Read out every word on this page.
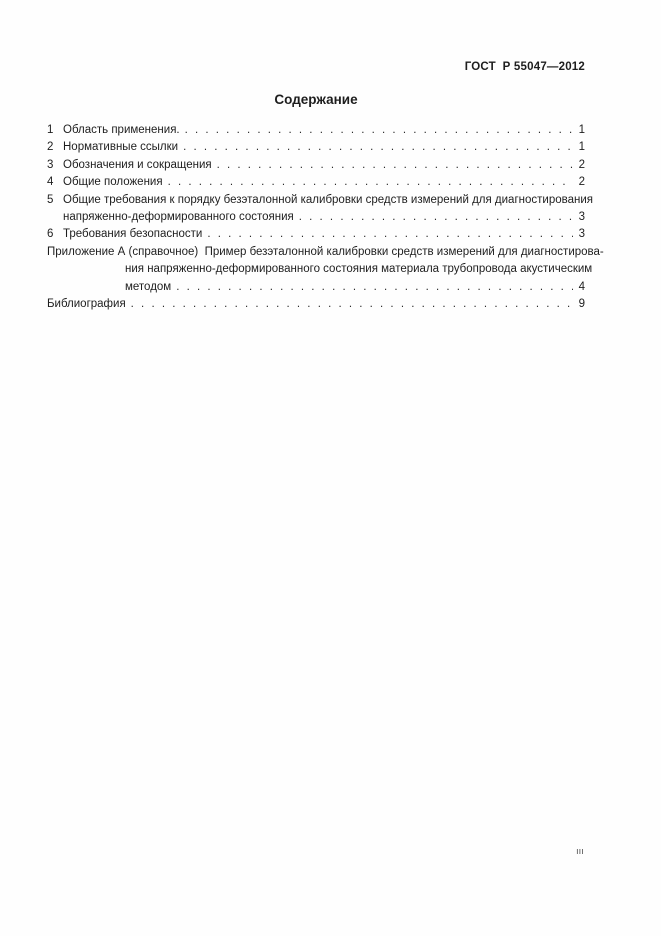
ГОСТ  Р 55047—2012
Содержание
1 Область применения. . . .	1
2 Нормативные ссылки . . .	1
3 Обозначения и сокращения . . .	2
4 Общие положения . . .	2
5 Общие требования к порядку безэталонной калибровки средств измерений для диагностирования
напряженно-деформированного состояния . . .	3
6 Требования безопасности . . .	3
Приложение А (справочное)  Пример безэталонной калибровки средств измерений для диагностирова-
ния напряженно-деформированного состояния материала трубопровода акустическим
методом . . .	4
Библиография . . .	9
III
